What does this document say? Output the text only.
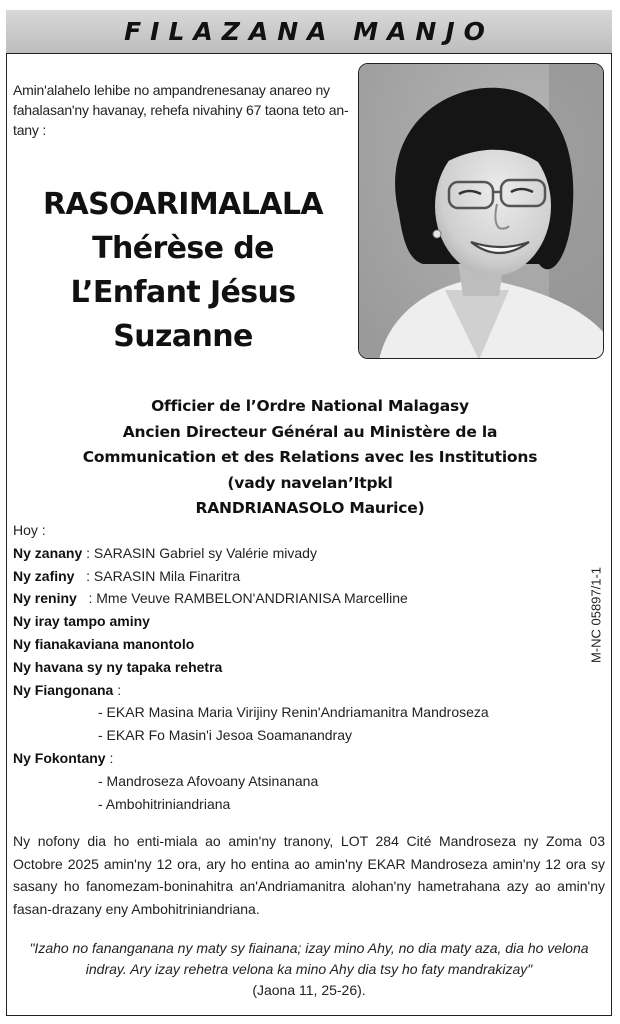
FILAZANA MANJO

Amin'alahelo lehibe no ampandrenesanay anareo ny fahalasan'ny havanay, rehefa nivahiny 67 taona teto an-tany :

RASOARIMALALA
Thérèse de
L’Enfant Jésus
Suzanne
Officier de l’Ordre National Malagasy
Ancien Directeur Général au Ministère de la
Communication et des Relations avec les Institutions
(vady navelan’Itpkl
RANDRIANASOLO Maurice)
Hoy :
Ny zanany : SARASIN Gabriel sy Valérie mivady
Ny zafiny   : SARASIN Mila Finaritra
Ny reniny   : Mme Veuve RAMBELON'ANDRIANISA Marcelline
Ny iray tampo aminy
Ny fianakaviana manontolo
Ny havana sy ny tapaka rehetra
Ny Fiangonana :
- EKAR Masina Maria Virijiny Renin'Andriamanitra Mandroseza
- EKAR Fo Masin'i Jesoa Soamanandray
Ny Fokontany :
- Mandroseza Afovoany Atsinanana
- Ambohitriniandriana
M-NC 05897/1-1

Ny nofony dia ho enti-miala ao amin'ny tranony, LOT 284 Cité Mandroseza ny Zoma 03 Octobre 2025 amin'ny 12 ora, ary ho entina ao amin'ny EKAR Mandroseza amin'ny 12 ora sy sasany ho fanomezam-boninahitra an'Andriamanitra alohan'ny hametrahana azy ao amin'ny fasan-drazany eny Ambohitriniandriana.

"Izaho no fananganana ny maty sy fiainana; izay mino Ahy, no dia maty aza, dia ho velona indray. Ary izay rehetra velona ka mino Ahy dia tsy ho faty mandrakizay"
(Jaona 11, 25-26).
